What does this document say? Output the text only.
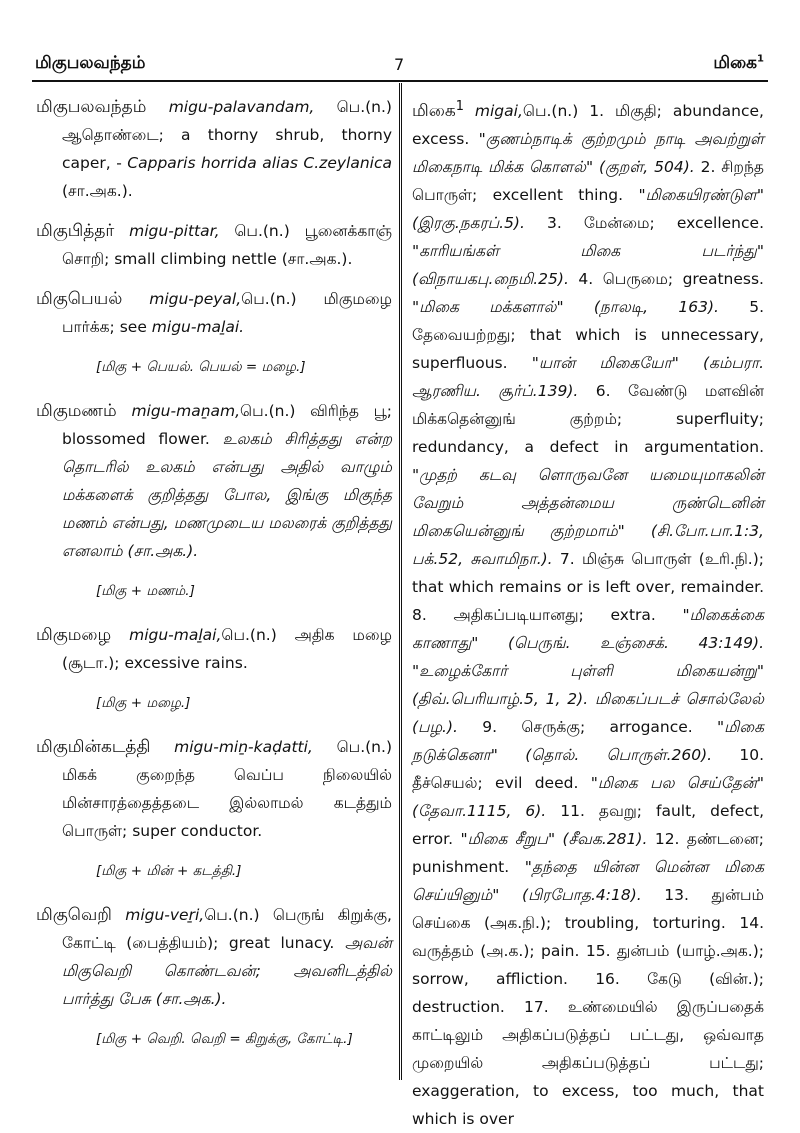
மிகுபலவந்தம்	7	மிகை$^1$
மிகுபலவந்தம் migu-palavandam, பெ.(n.) ஆதொண்டை; a thorny shrub, thorny caper, - Capparis horrida alias C.zeylanica (சா.அக.).
மிகுபித்தர் migu-pittar, பெ.(n.) பூனைக்காஞ் சொறி; small climbing nettle (சா.அக.).
மிகுபெயல் migu-peyal,பெ.(n.) மிகுமழை பார்க்க; see migu-maḻai.
[மிகு + பெயல். பெயல் = மழை.]
மிகுமணம் migu-maṉam,பெ.(n.) விரிந்த பூ; blossomed flower. உலகம் சிரித்தது என்ற தொடரில் உலகம் என்பது அதில் வாழும் மக்களைக் குறித்தது போல, இங்கு மிகுந்த மணம் என்பது, மணமுடைய மலரைக் குறித்தது எனலாம் (சா.அக.).
[மிகு + மணம்.]
மிகுமழை migu-maḻai,பெ.(n.) அதிக மழை (சூடா.); excessive rains.
[மிகு + மழை.]
மிகுமின்கடத்தி migu-miṉ-kaḍatti, பெ.(n.) மிகக் குறைந்த வெப்ப நிலையில் மின்சாரத்தைத்தடை இல்லாமல் கடத்தும் பொருள்; super conductor.
[மிகு + மின் + கடத்தி.]
மிகுவெறி migu-veṟi,பெ.(n.) பெருங் கிறுக்கு, கோட்டி (பைத்தியம்); great lunacy. அவன் மிகுவெறி கொண்டவன்; அவனிடத்தில் பார்த்து பேசு (சா.அக.).
[மிகு + வெறி. வெறி = கிறுக்கு, கோட்டி.]
மிகை$^1$ migai,பெ.(n.) 1. மிகுதி; abundance, excess. "குணம்நாடிக் குற்றமும் நாடி அவற்றுள் மிகைநாடி மிக்க கொளல்" (குறள், 504). 2. சிறந்த பொருள்; excellent thing. "மிகையிரண்டுள" (இரகு.நகரப்.5). 3. மேன்மை; excellence. "காரியங்கள் மிகை படர்ந்து" (விநாயகபு.நைமி.25). 4. பெருமை; greatness. "மிகை மக்களால்" (நாலடி, 163). 5. தேவையற்றது; that which is unnecessary, superfluous. "யான் மிகையோ" (கம்பரா. ஆரணிய. சூர்ப்.139). 6. வேண்டு மளவின் மிக்கதென்னுங் குற்றம்; superfluity; redundancy, a defect in argumentation. "முதற் கடவு ளொருவனே யமையுமாகலின் வேறும் அத்தன்மைய ருண்டெனின் மிகையென்னுங் குற்றமாம்" (சி.போ.பா.1:3, பக்.52, சுவாமிநா.). 7. மிஞ்சு பொருள் (உரி.நி.); that which remains or is left over, remainder. 8. அதிகப்படியானது; extra. "மிகைக்கை காணாது" (பெருங். உஞ்சைக். 43:149). "உழைக்கோர் புள்ளி மிகையன்று" (திவ்.பெரியாழ்.5, 1, 2). மிகைப்படச் சொல்லேல் (பழ.). 9. செருக்கு; arrogance. "மிகை நடுக்கெனா" (தொல். பொருள்.260). 10. தீச்செயல்; evil deed. "மிகை பல செய்தேன்" (தேவா.1115, 6). 11. தவறு; fault, defect, error. "மிகை சீறுப" (சீவக.281). 12. தண்டனை; punishment. "தந்தை யின்ன மென்ன மிகை செய்யினும்" (பிரபோத.4:18). 13. துன்பம் செய்கை (அக.நி.); troubling, torturing. 14. வருத்தம் (அ.க.); pain. 15. துன்பம் (யாழ்.அக.); sorrow, affliction. 16. கேடு (வின்.); destruction. 17. உண்மையில் இருப்பதைக் காட்டிலும் அதிகப்படுத்தப் பட்டது, ஒவ்வாத முறையில் அதிகப்படுத்தப் பட்டது; exaggeration, to excess, too much, that which is over
